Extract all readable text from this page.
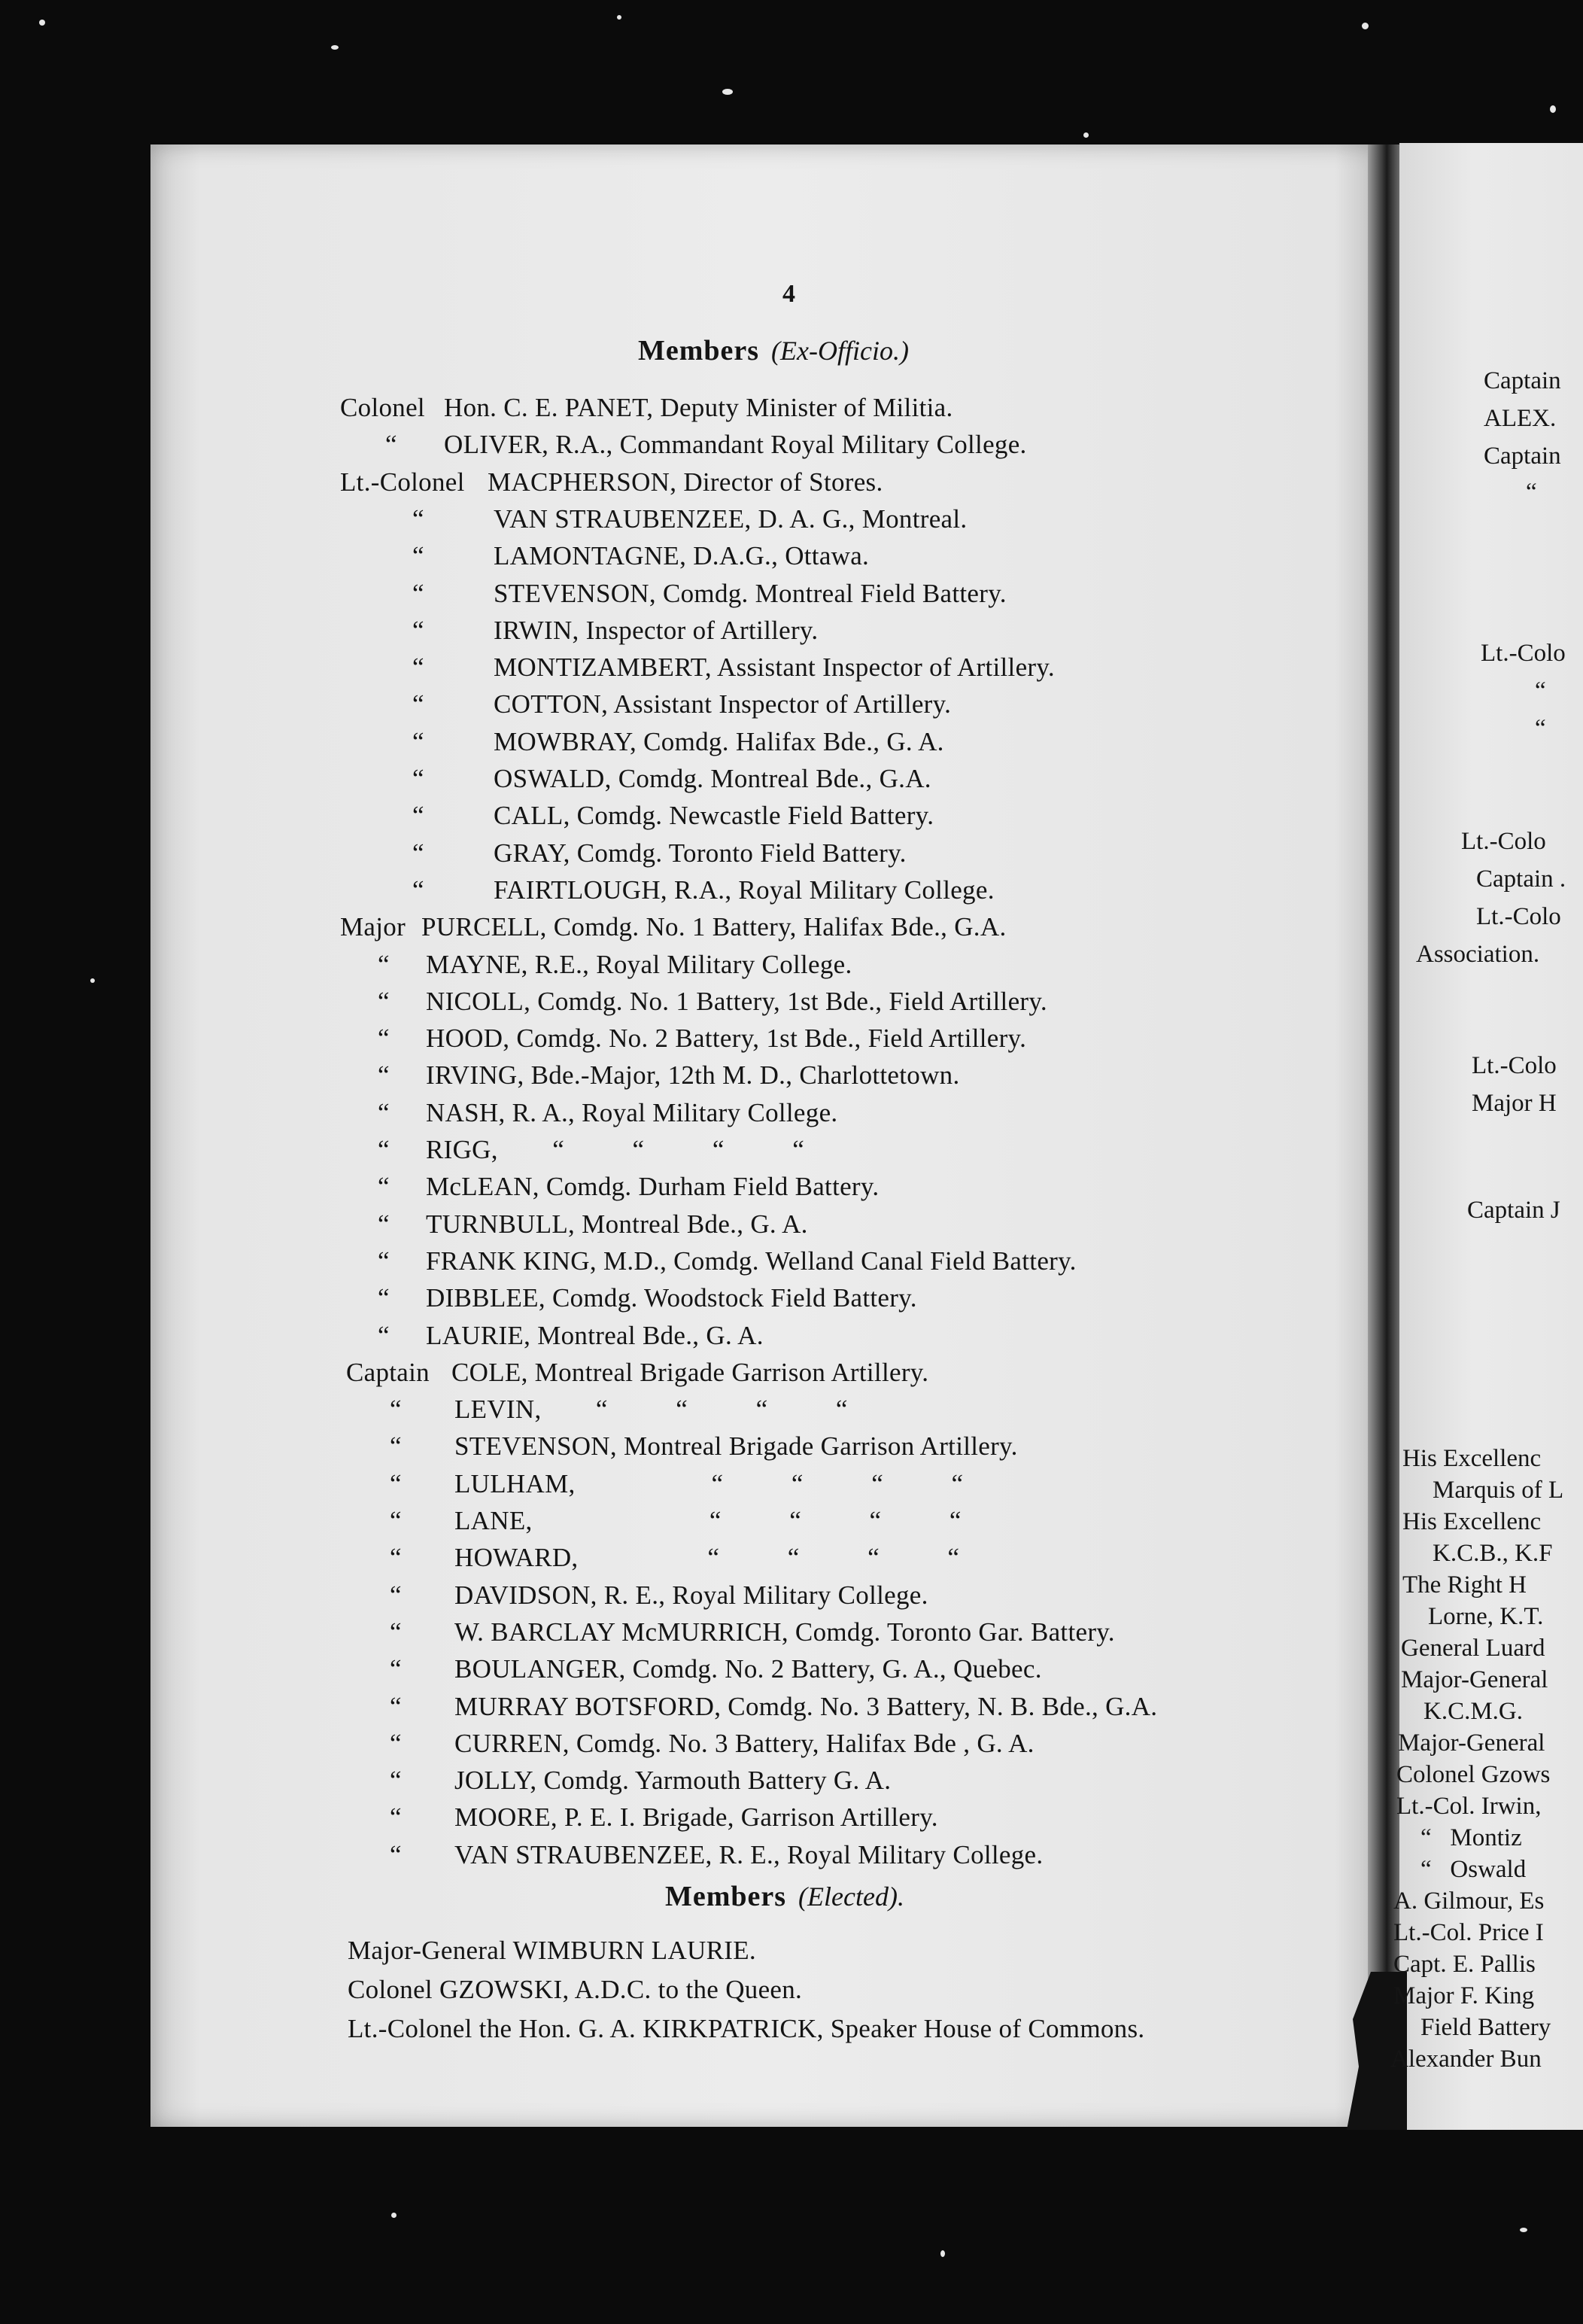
4
Members (Ex-Officio.)
Colonel Hon. C. E. PANET, Deputy Minister of Militia.
“ OLIVER, R.A., Commandant Royal Military College.
Lt.-Colonel MACPHERSON, Director of Stores.
“	VAN STRAUBENZEE, D. A. G., Montreal.
“	LAMONTAGNE, D.A.G., Ottawa.
“	STEVENSON, Comdg. Montreal Field Battery.
“	IRWIN, Inspector of Artillery.
“	MONTIZAMBERT, Assistant Inspector of Artillery.
“	COTTON, Assistant Inspector of Artillery.
“	MOWBRAY, Comdg. Halifax Bde., G. A.
“	OSWALD, Comdg. Montreal Bde., G.A.
“	CALL, Comdg. Newcastle Field Battery.
“	GRAY, Comdg. Toronto Field Battery.
“	FAIRTLOUGH, R.A., Royal Military College.
Major PURCELL, Comdg. No. 1 Battery, Halifax Bde., G.A.
“ MAYNE, R.E., Royal Military College.
“ NICOLL, Comdg. No. 1 Battery, 1st Bde., Field Artillery.
“ HOOD, Comdg. No. 2 Battery, 1st Bde., Field Artillery.
“ IRVING, Bde.-Major, 12th M. D., Charlottetown.
“ NASH, R. A., Royal Military College.
“ RIGG,        “          “          “          “
“ McLEAN, Comdg. Durham Field Battery.
“ TURNBULL, Montreal Bde., G. A.
“ FRANK KING, M.D., Comdg. Welland Canal Field Battery.
“ DIBBLEE, Comdg. Woodstock Field Battery.
“ LAURIE, Montreal Bde., G. A.
Captain COLE, Montreal Brigade Garrison Artillery.
“ LEVIN,        “          “          “          “
“ STEVENSON, Montreal Brigade Garrison Artillery.
“ LULHAM,                    “          “          “          “
“ LANE,                          “          “          “          “
“ HOWARD,                   “          “          “          “
“ DAVIDSON, R. E., Royal Military College.
“ W. BARCLAY McMURRICH, Comdg. Toronto Gar. Battery.
“ BOULANGER, Comdg. No. 2 Battery, G. A., Quebec.
“ MURRAY BOTSFORD, Comdg. No. 3 Battery, N. B. Bde., G.A.
“ CURREN, Comdg. No. 3 Battery, Halifax Bde , G. A.
“ JOLLY, Comdg. Yarmouth Battery G. A.
“ MOORE, P. E. I. Brigade, Garrison Artillery.
“ VAN STRAUBENZEE, R. E., Royal Military College.
Members (Elected).
Major-General WIMBURN LAURIE.
Colonel GZOWSKI, A.D.C. to the Queen.
Lt.-Colonel the Hon. G. A. KIRKPATRICK, Speaker House of Commons.
Captain
ALEX.
Captain
“
Lt.-Colo
“
“
Lt.-Colo
Captain .
Lt.-Colo
Association.
Lt.-Colo
Major H
Captain J
His Excellenc
Marquis of L
His Excellenc
K.C.B., K.F
The Right H
Lorne, K.T.
General Luard
Major-General
K.C.M.G.
Major-General
Colonel Gzows
Lt.-Col. Irwin,
“   Montiz
“   Oswald
A. Gilmour, Es
Lt.-Col. Price I
Capt. E. Pallis
Major F. King
Field Battery
Alexander Bun
